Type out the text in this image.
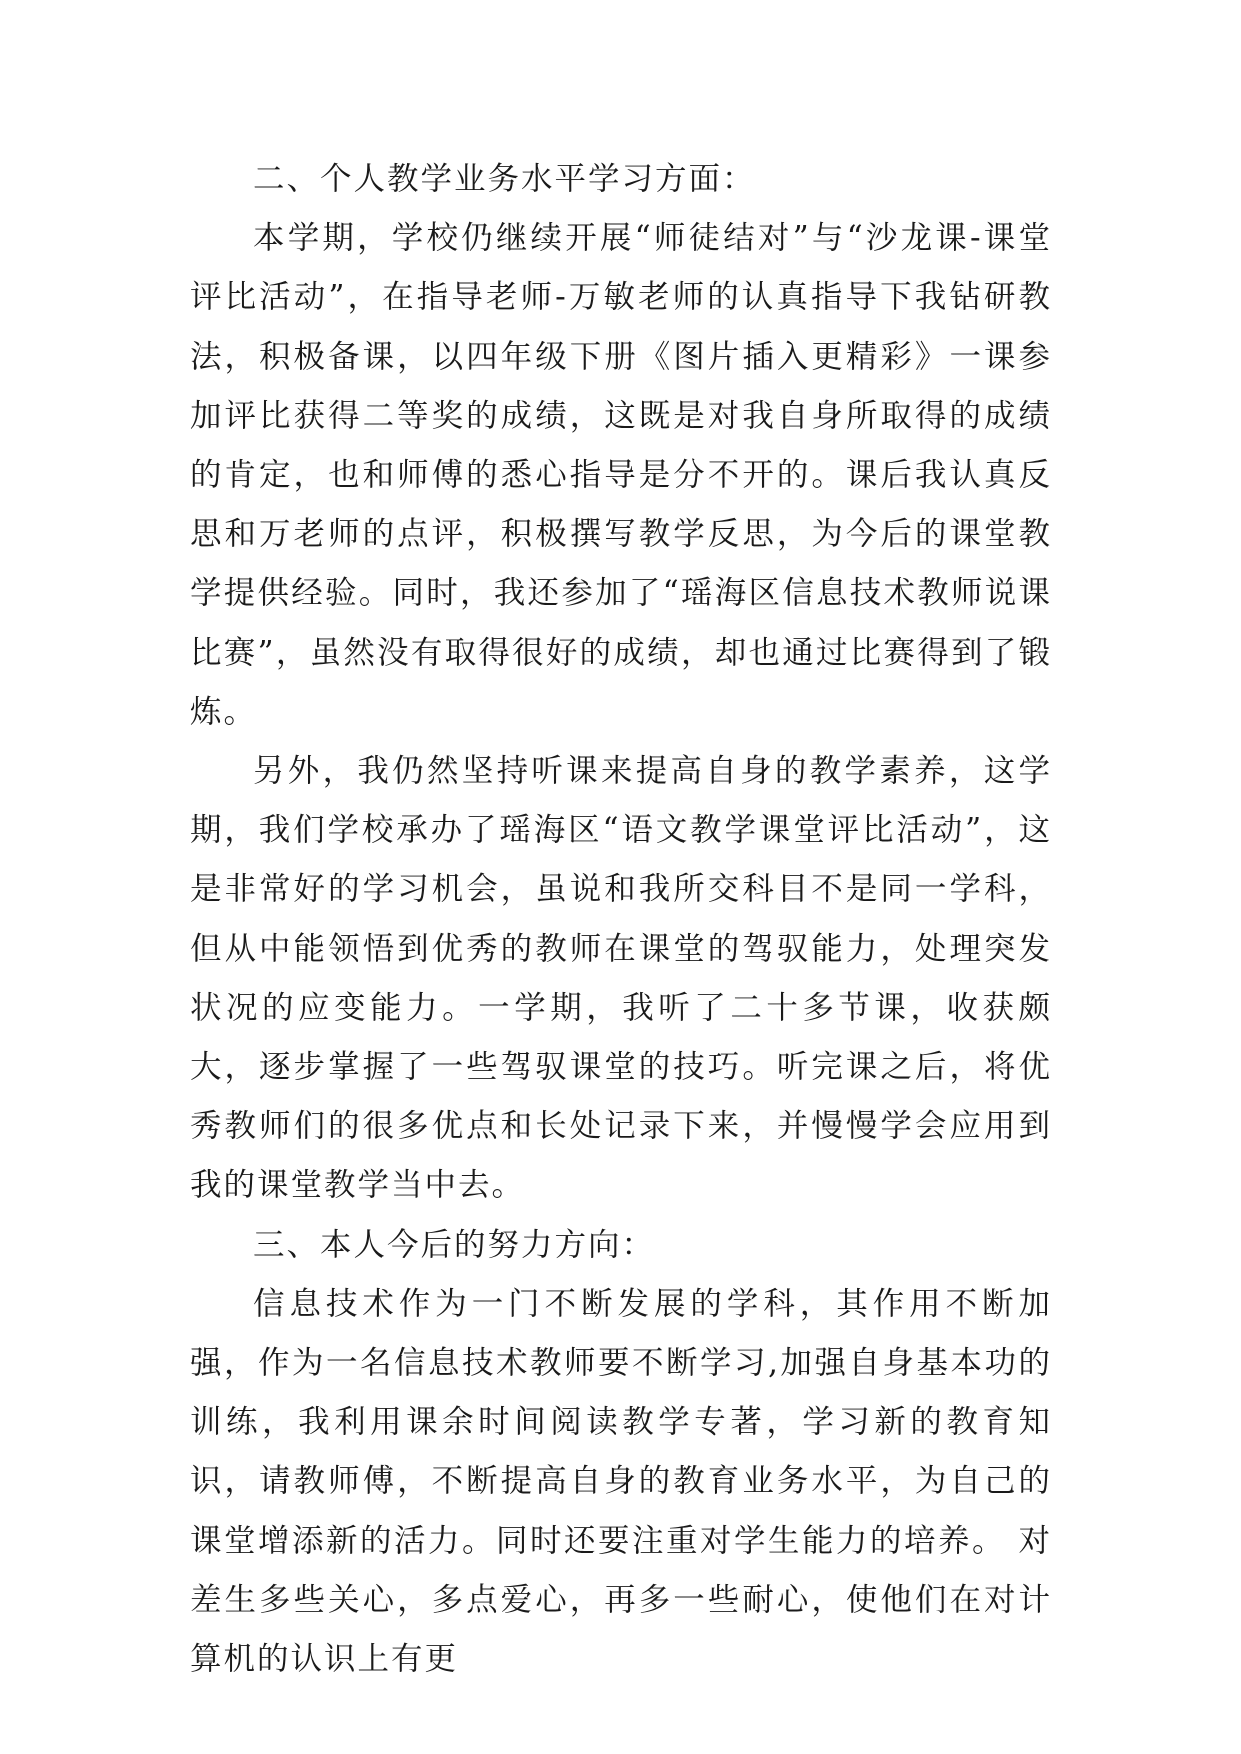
二、个人教学业务水平学习方面：

本学期，学校仍继续开展“师徒结对”与“沙龙课-课堂评比活动”，在指导老师-万敏老师的认真指导下我钻研教法，积极备课，以四年级下册《图片插入更精彩》一课参加评比获得二等奖的成绩，这既是对我自身所取得的成绩的肯定，也和师傅的悉心指导是分不开的。课后我认真反思和万老师的点评，积极撰写教学反思，为今后的课堂教学提供经验。同时，我还参加了“瑶海区信息技术教师说课比赛”，虽然没有取得很好的成绩，却也通过比赛得到了锻炼。

另外，我仍然坚持听课来提高自身的教学素养，这学期，我们学校承办了瑶海区“语文教学课堂评比活动”，这是非常好的学习机会，虽说和我所交科目不是同一学科，但从中能领悟到优秀的教师在课堂的驾驭能力，处理突发状况的应变能力。一学期，我听了二十多节课，收获颇大，逐步掌握了一些驾驭课堂的技巧。听完课之后，将优秀教师们的很多优点和长处记录下来，并慢慢学会应用到我的课堂教学当中去。

三、本人今后的努力方向：

信息技术作为一门不断发展的学科，其作用不断加强，作为一名信息技术教师要不断学习,加强自身基本功的训练，我利用课余时间阅读教学专著，学习新的教育知识，请教师傅，不断提高自身的教育业务水平，为自己的课堂增添新的活力。同时还要注重对学生能力的培养。 对差生多些关心，多点爱心，再多一些耐心，使他们在对计算机的认识上有更
